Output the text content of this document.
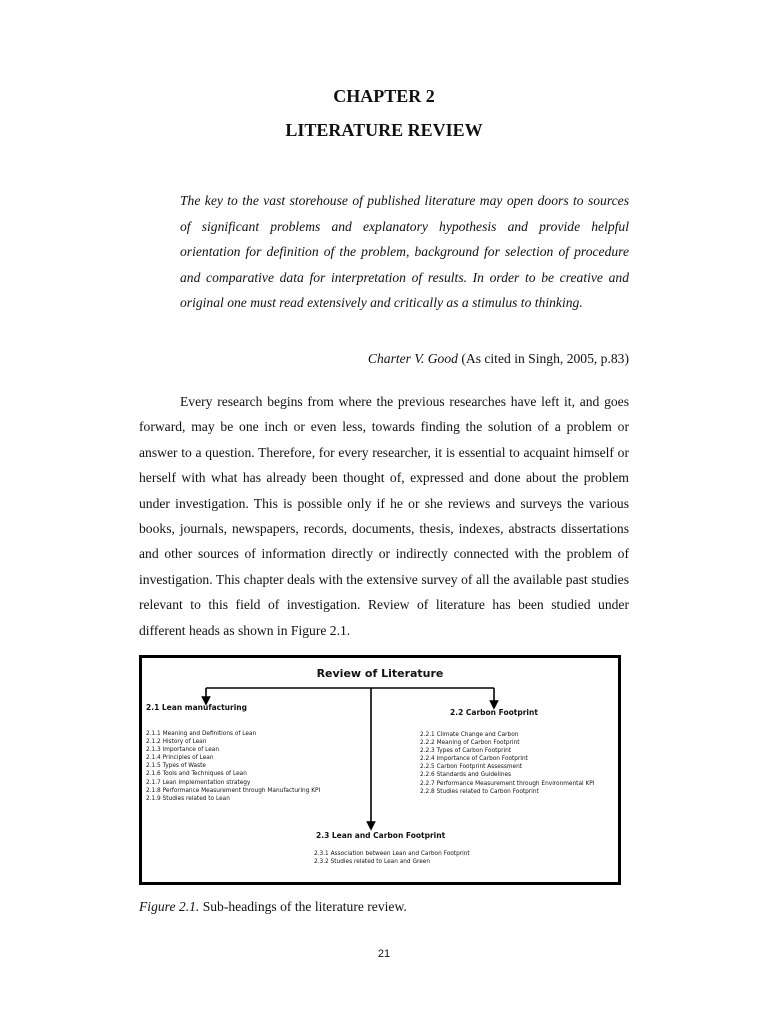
CHAPTER 2
LITERATURE REVIEW

The key to the vast storehouse of published literature may open doors to sources of significant problems and explanatory hypothesis and provide helpful orientation for definition of the problem, background for selection of procedure and comparative data for interpretation of results. In order to be creative and original one must read extensively and critically as a stimulus to thinking.

Charter V. Good (As cited in Singh, 2005, p.83)

Every research begins from where the previous researches have left it, and goes forward, may be one inch or even less, towards finding the solution of a problem or answer to a question. Therefore, for every researcher, it is essential to acquaint himself or herself with what has already been thought of, expressed and done about the problem under investigation. This is possible only if he or she reviews and surveys the various books, journals, newspapers, records, documents, thesis, indexes, abstracts dissertations and other sources of information directly or indirectly connected with the problem of investigation. This chapter deals with the extensive survey of all the available past studies relevant to this field of investigation. Review of literature has been studied under different heads as shown in Figure 2.1.

Review of Literature
2.1 Lean manufacturing
2.1.1 Meaning and Definitions of Lean
2.1.2 History of Lean
2.1.3 Importance of Lean
2.1.4 Principles of Lean
2.1.5 Types of Waste
2.1.6 Tools and Techniques of Lean
2.1.7 Lean Implementation strategy
2.1.8 Performance Measurement through Manufacturing KPI
2.1.9 Studies related to Lean
2.2 Carbon Footprint
2.2.1 Climate Change and Carbon
2.2.2 Meaning of Carbon Footprint
2.2.3 Types of Carbon Footprint
2.2.4 Importance of Carbon Footprint
2.2.5 Carbon Footprint Assessment
2.2.6 Standards and Guidelines
2.2.7 Performance Measurement through Environmental KPI
2.2.8 Studies related to Carbon Footprint
2.3 Lean and Carbon Footprint
2.3.1 Association between Lean and Carbon Footprint
2.3.2 Studies related to Lean and Green
Figure 2.1. Sub-headings of the literature review.
21
